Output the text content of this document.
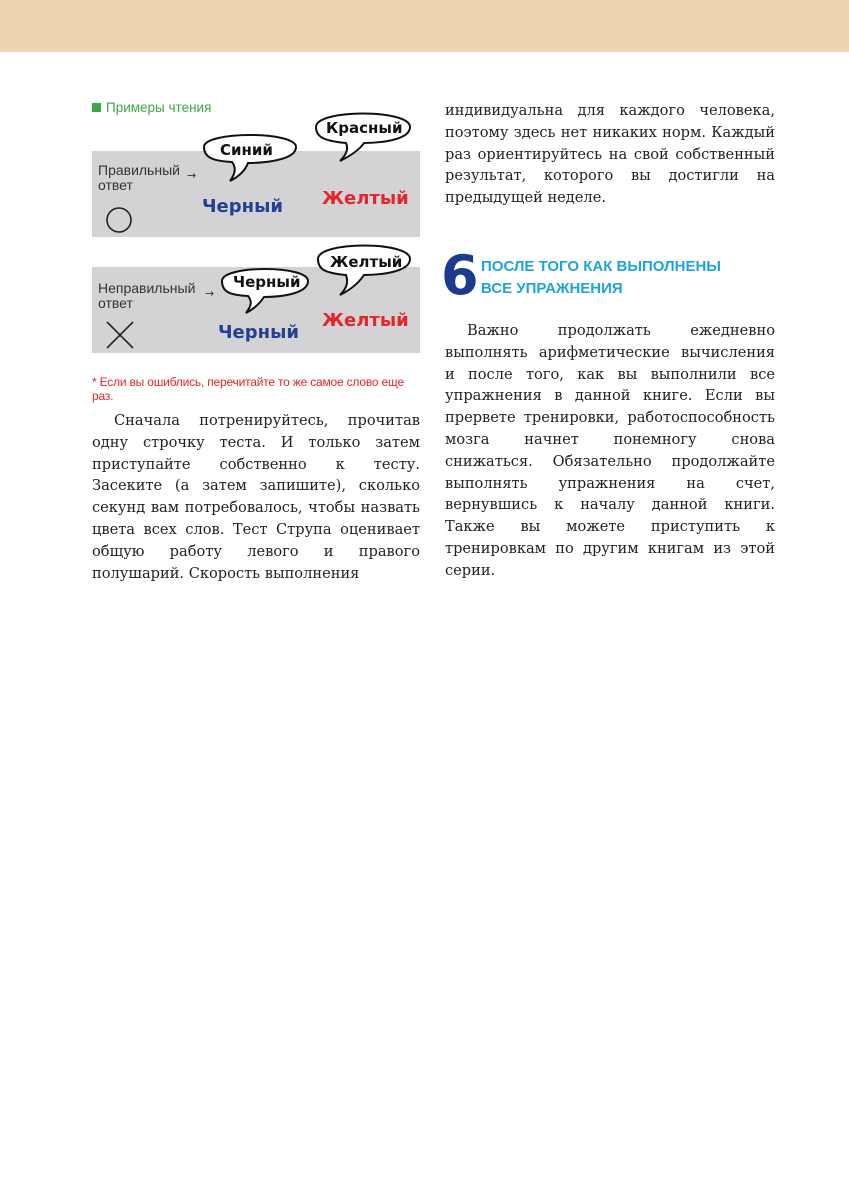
Примеры чтения
Правильный
ответ
→
Синий
Красный
Черный Желтый
Неправильный
ответ
→
Черный
Желтый
Черный
Желтый
* Если вы ошиблись, перечитайте то же самое слово еще раз.

Сначала потренируйтесь, прочитав одну строчку теста. И только затем приступайте собственно к тесту. Засеките (а затем запишите), сколько секунд вам потребовалось, чтобы назвать цвета всех слов. Тест Струпа оценивает общую работу левого и правого полушарий. Скорость выполнения

индивидуальна для каждого человека, поэтому здесь нет никаких норм. Каждый раз ориентируйтесь на свой собственный результат, которого вы достигли на предыдущей неделе.

6 ПОСЛЕ ТОГО КАК ВЫПОЛНЕНЫ
ВСЕ УПРАЖНЕНИЯ

Важно продолжать ежедневно выполнять арифметические вычисления и после того, как вы выполнили все упражнения в данной книге. Если вы прервете тренировки, работоспособность мозга начнет понемногу снова снижаться. Обязательно продолжайте выполнять упражнения на счет, вернувшись к началу данной книги. Также вы можете приступить к тренировкам по другим книгам из этой серии.
